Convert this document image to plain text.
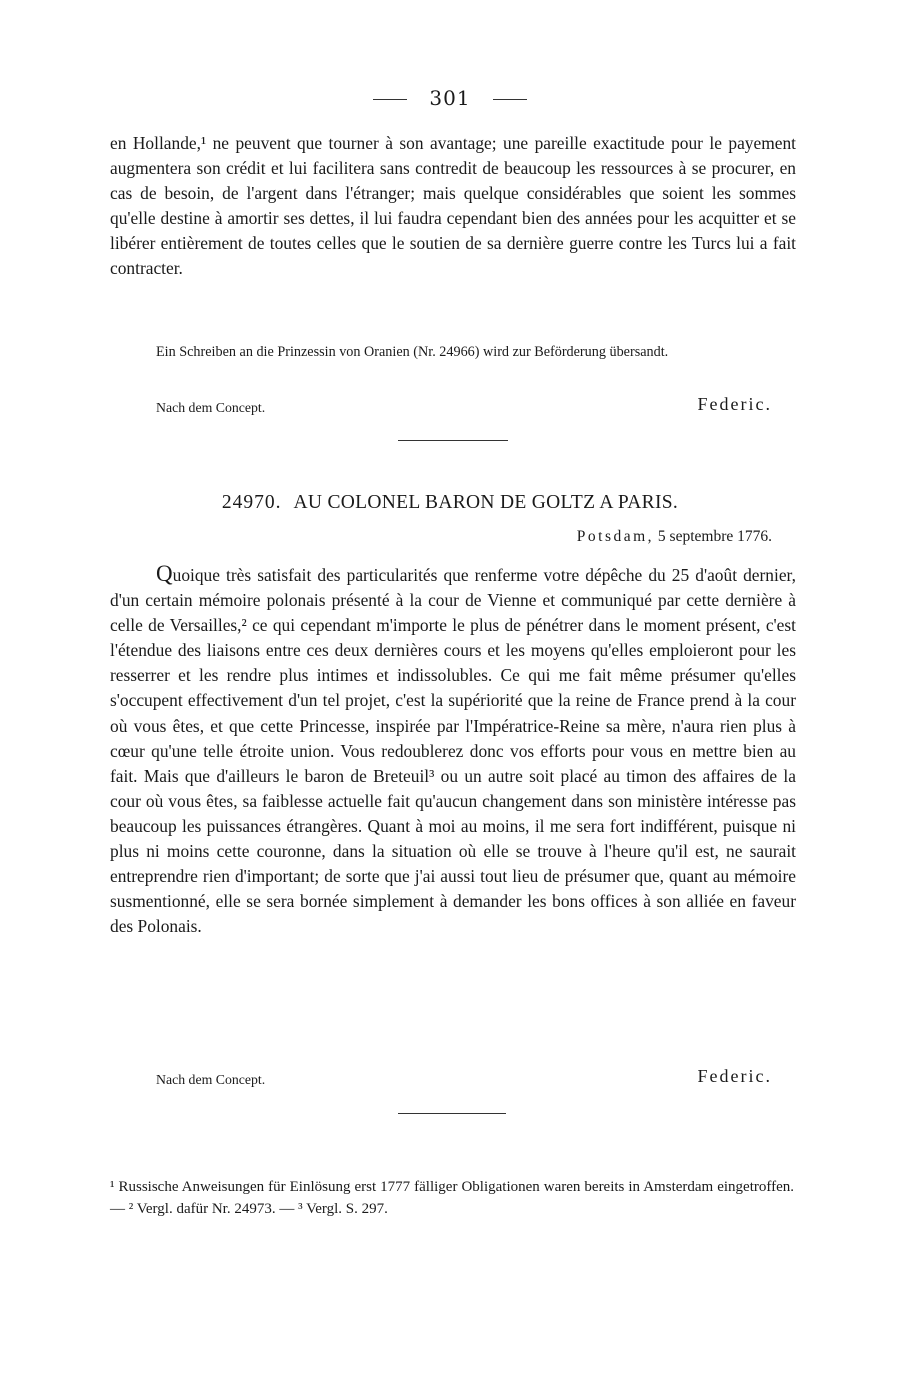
301

en Hollande,¹ ne peuvent que tourner à son avantage; une pareille exactitude pour le payement augmentera son crédit et lui facilitera sans contredit de beaucoup les ressources à se procurer, en cas de besoin, de l'argent dans l'étranger; mais quelque considérables que soient les sommes qu'elle destine à amortir ses dettes, il lui faudra cependant bien des années pour les acquitter et se libérer entièrement de toutes celles que le soutien de sa dernière guerre contre les Turcs lui a fait contracter.

Ein Schreiben an die Prinzessin von Oranien (Nr. 24966) wird zur Beförderung übersandt.

Nach dem Concept.	Federic.
24970. AU COLONEL BARON DE GOLTZ A PARIS.
Potsdam, 5 septembre 1776.

Quoique très satisfait des particularités que renferme votre dépêche du 25 d'août dernier, d'un certain mémoire polonais présenté à la cour de Vienne et communiqué par cette dernière à celle de Versailles,² ce qui cependant m'importe le plus de pénétrer dans le moment présent, c'est l'étendue des liaisons entre ces deux dernières cours et les moyens qu'elles emploieront pour les resserrer et les rendre plus intimes et indissolubles. Ce qui me fait même présumer qu'elles s'occupent effectivement d'un tel projet, c'est la supériorité que la reine de France prend à la cour où vous êtes, et que cette Princesse, inspirée par l'Impératrice-Reine sa mère, n'aura rien plus à cœur qu'une telle étroite union. Vous redoublerez donc vos efforts pour vous en mettre bien au fait. Mais que d'ailleurs le baron de Breteuil³ ou un autre soit placé au timon des affaires de la cour où vous êtes, sa faiblesse actuelle fait qu'aucun changement dans son ministère intéresse pas beaucoup les puissances étrangères. Quant à moi au moins, il me sera fort indifférent, puisque ni plus ni moins cette couronne, dans la situation où elle se trouve à l'heure qu'il est, ne saurait entreprendre rien d'important; de sorte que j'ai aussi tout lieu de présumer que, quant au mémoire susmentionné, elle se sera bornée simplement à demander les bons offices à son alliée en faveur des Polonais.

Nach dem Concept.	Federic.

¹ Russische Anweisungen für Einlösung erst 1777 fälliger Obligationen waren bereits in Amsterdam eingetroffen. — ² Vergl. dafür Nr. 24973. — ³ Vergl. S. 297.
